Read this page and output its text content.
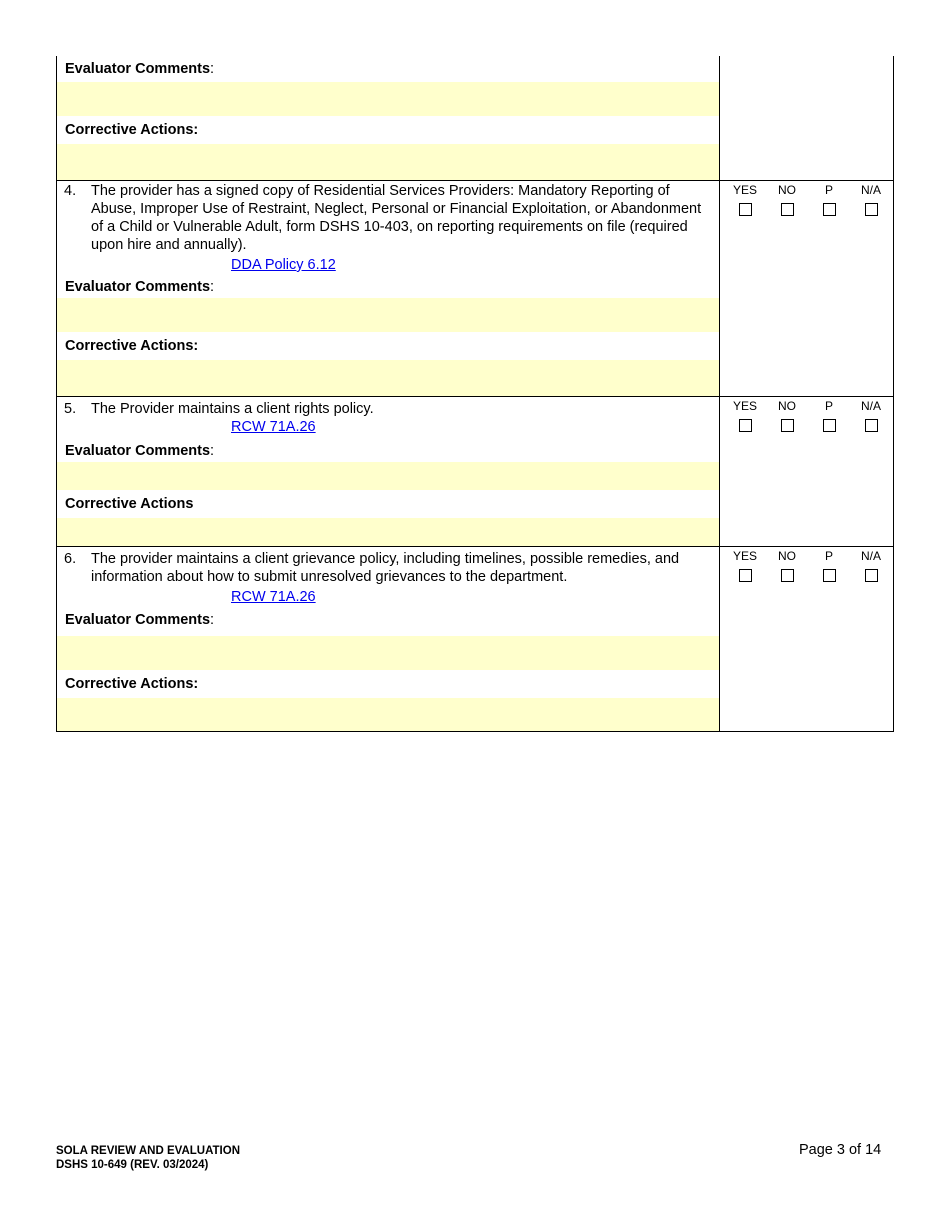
Evaluator Comments:
Corrective Actions:
4.	The provider has a signed copy of Residential Services Providers: Mandatory Reporting of Abuse, Improper Use of Restraint, Neglect, Personal or Financial Exploitation, or Abandonment of a Child or Vulnerable Adult, form DSHS 10-403, on reporting requirements on file (required upon hire and annually).
DDA Policy 6.12
Evaluator Comments:
Corrective Actions:
YES	NO	P	N/A
5.	The Provider maintains a client rights policy.
RCW 71A.26
Evaluator Comments:
Corrective Actions
YES	NO	P	N/A
6.	The provider maintains a client grievance policy, including timelines, possible remedies, and information about how to submit unresolved grievances to the department.
RCW 71A.26
Evaluator Comments:
Corrective Actions:
YES	NO	P	N/A
SOLA REVIEW AND EVALUATION
DSHS 10-649 (REV. 03/2024)
Page 3 of 14
